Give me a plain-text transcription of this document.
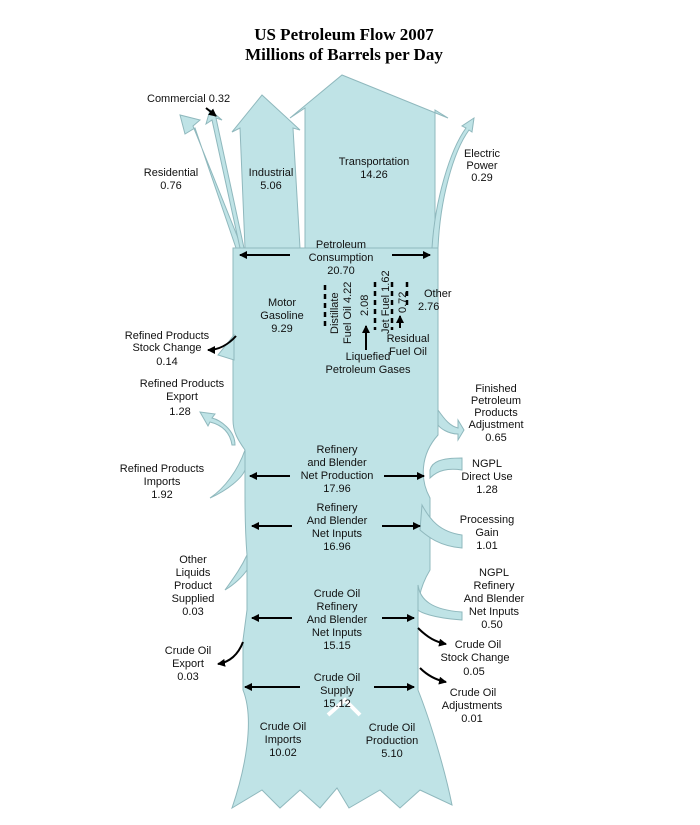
US Petroleum Flow 2007
Millions of Barrels per Day
Commercial 0.32
Residential
0.76
Industrial
5.06
Transportation
14.26
Electric
Power
0.29
Petroleum
Consumption
20.70
Motor
Gasoline
9.29	Distillate Fuel Oil 4.22 2.08
Liquefied
Petroleum Gases
Jet Fuel 1.62 0.72
Residual
Fuel Oil
Other
2.76
Refined Products
Stock Change
0.14
Refined Products
Export
1.28
Refined Products
Imports
1.92
Other
Liquids
Product
Supplied
0.03
Crude Oil
Export
0.03
Finished
Petroleum
Products
Adjustment
0.65
NGPL
Direct Use
1.28
Processing
Gain
1.01
NGPL
Refinery
And Blender
Net Inputs
0.50
Crude Oil
Stock Change
0.05
Crude Oil
Adjustments
0.01
Refinery
and Blender
Net Production
17.96
Refinery
And Blender
Net Inputs
16.96
Crude Oil
Refinery
And Blender
Net Inputs
15.15
Crude Oil
Supply
15.12
Crude Oil
Imports
10.02
Crude Oil
Production
5.10
